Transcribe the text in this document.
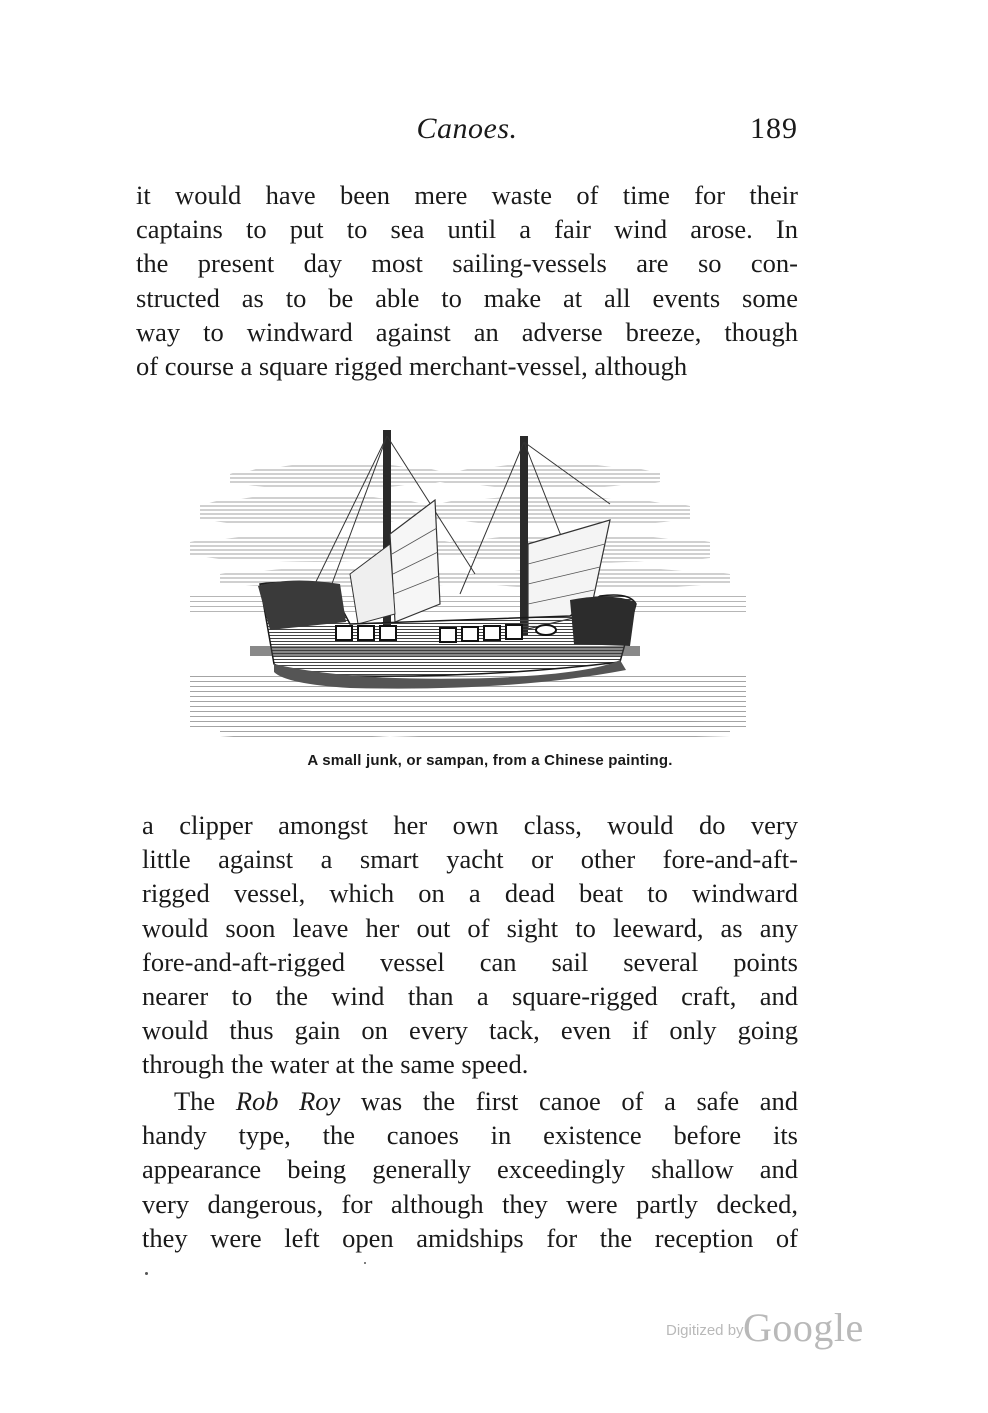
Canoes.	189

it would have been mere waste of time for their
captains to put to sea until a fair wind arose. In
the present day most sailing-vessels are so con-
structed as to be able to make at all events some
way to windward against an adverse breeze, though
of course a square rigged merchant-vessel, although

A small junk, or sampan, from a Chinese painting.

a clipper amongst her own class, would do very
little against a smart yacht or other fore-and-aft-
rigged vessel, which on a dead beat to windward
would soon leave her out of sight to leeward, as any
fore-and-aft-rigged vessel can sail several points
nearer to the wind than a square-rigged craft, and
would thus gain on every tack, even if only going
through the water at the same speed.

The Rob Roy was the first canoe of a safe and
handy type, the canoes in existence before its
appearance being generally exceedingly shallow and
very dangerous, for although they were partly decked,
they were left open amidships for the reception of

Digitized by Google
